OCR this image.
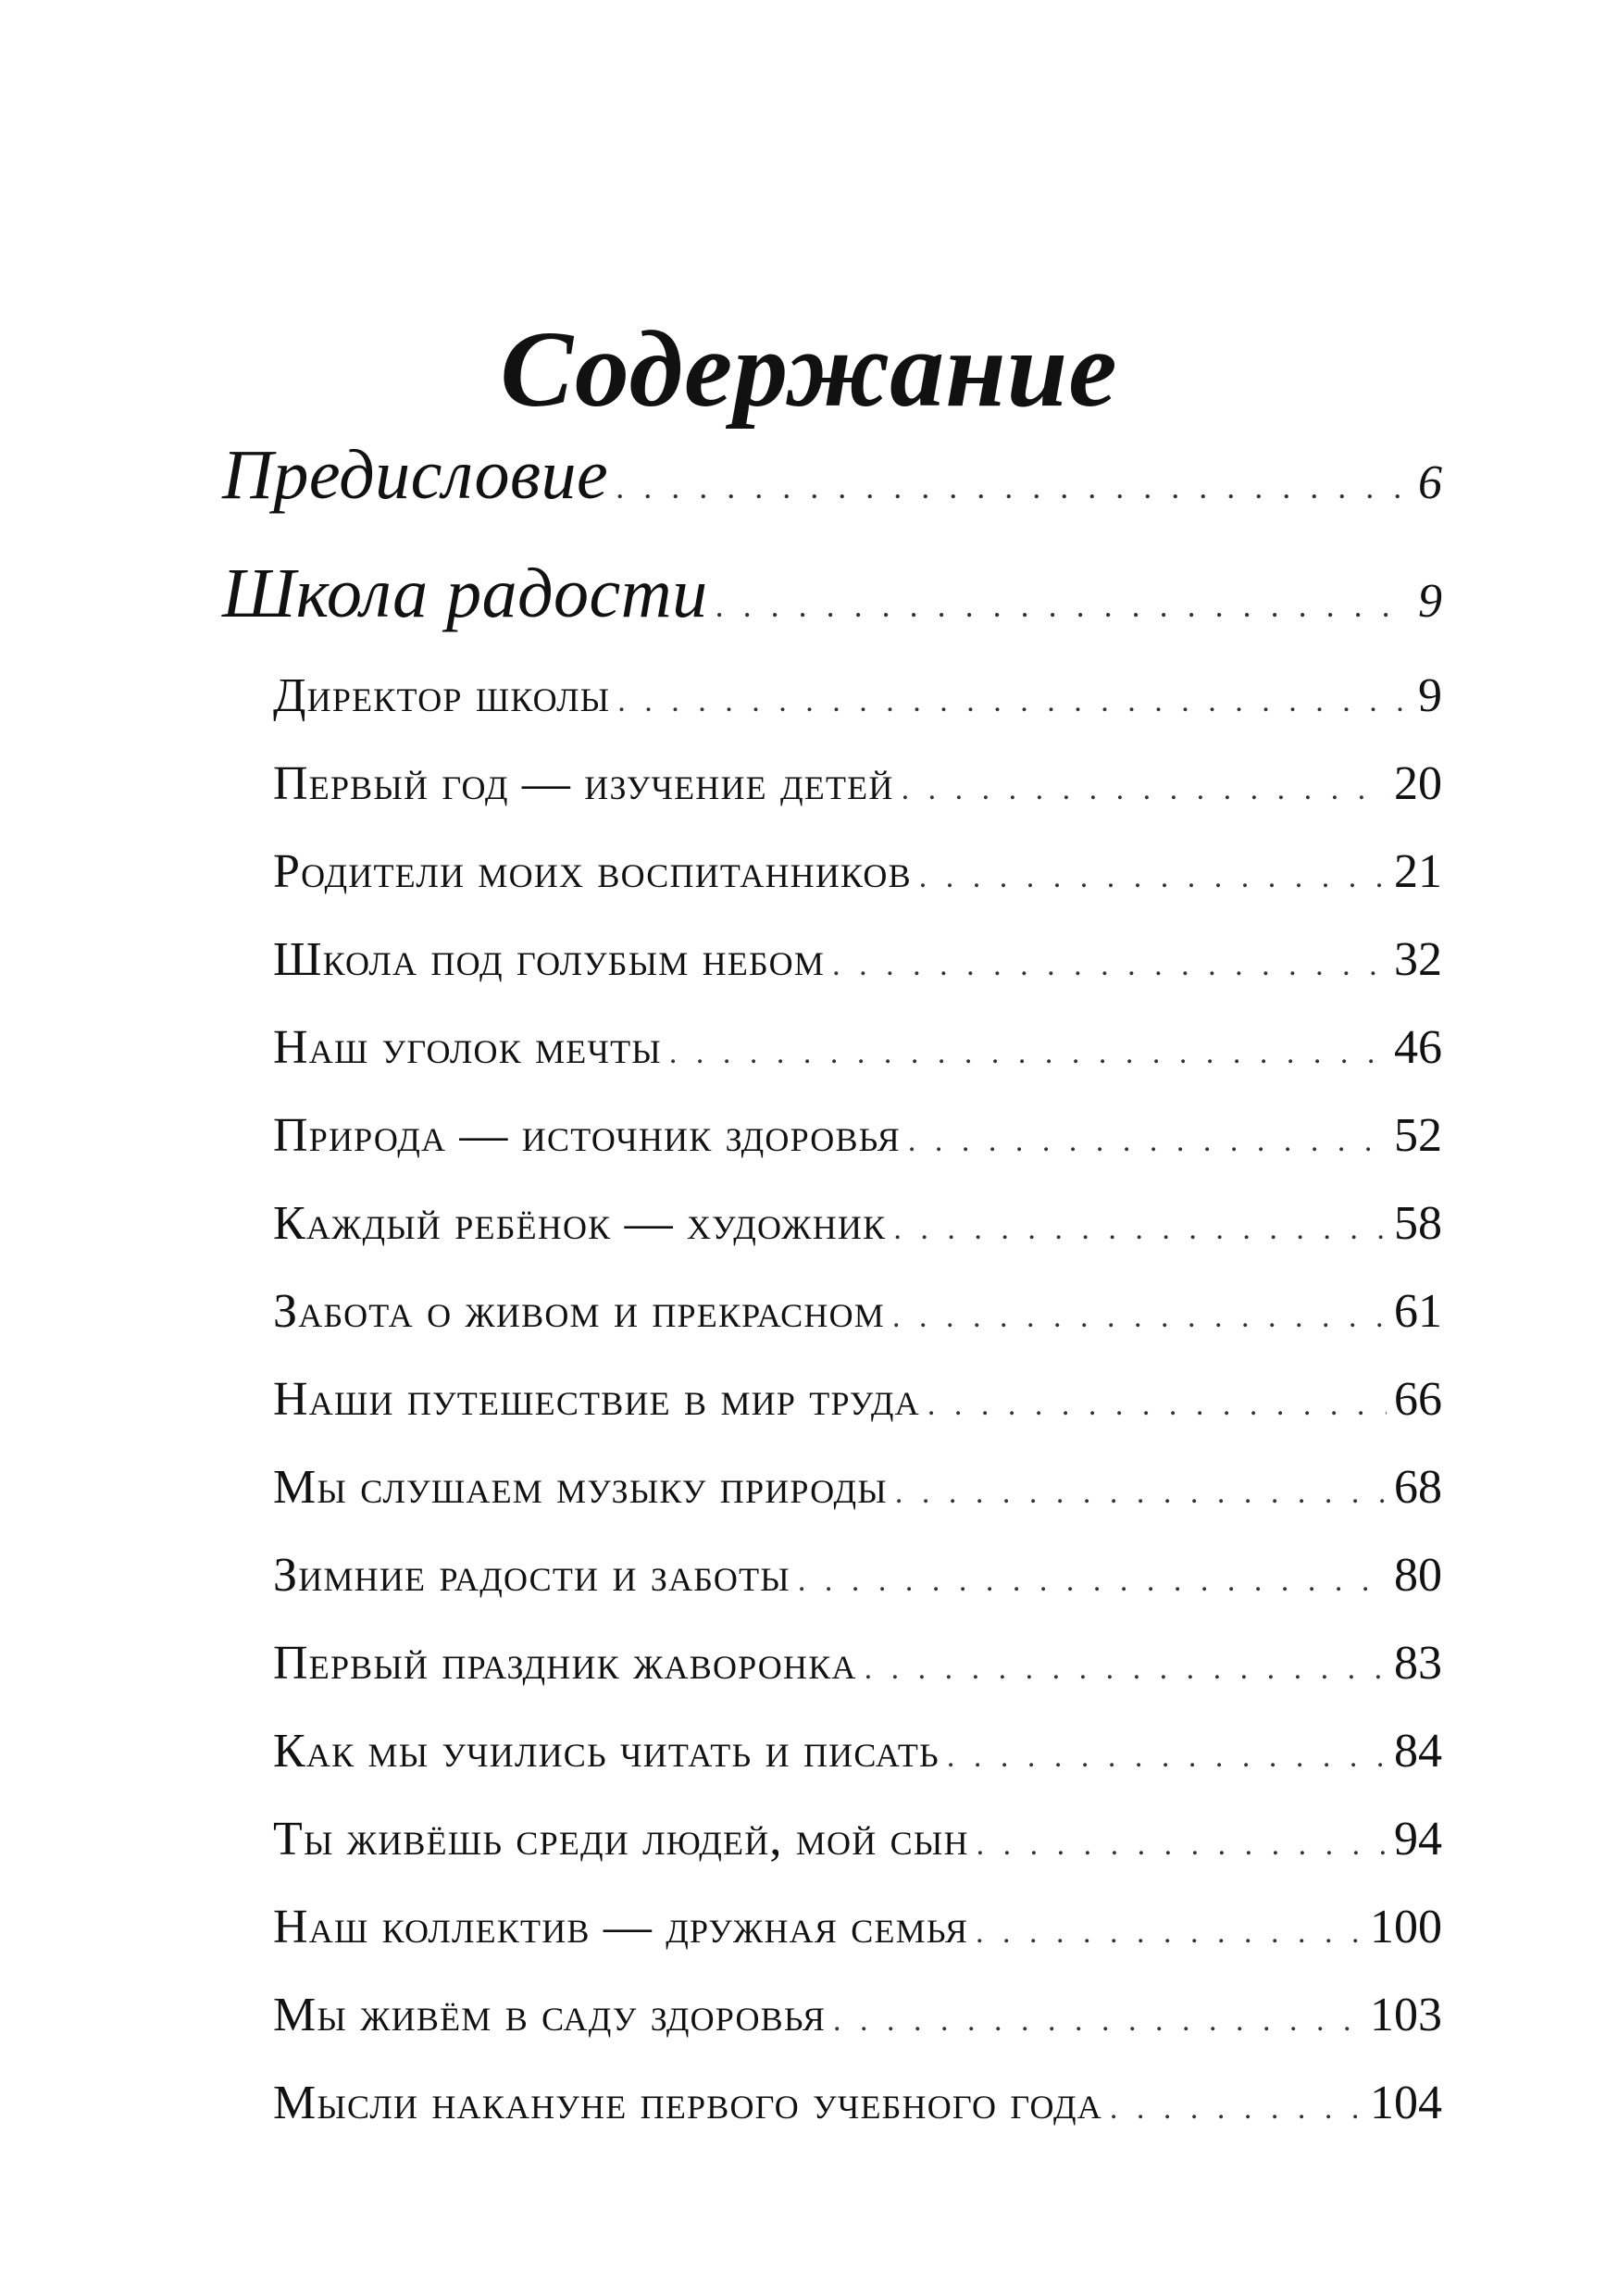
Содержание
Предисловие . . .	6
Школа радости . . .	9
Директор школы . . .	9
Первый год — изучение детей . . .	20
Родители моих воспитанников . . .	21
Школа под голубым небом . . .	32
Наш уголок мечты . . .	46
Природа — источник здоровья . . .	52
Каждый ребёнок — художник . . .	58
Забота о живом и прекрасном . . .	61
Наши путешествие в мир труда . . .	66
Мы слушаем музыку природы . . .	68
Зимние радости и заботы . . .	80
Первый праздник жаворонка . . .	83
Как мы учились читать и писать . . .	84
Ты живёшь среди людей, мой сын . . .	94
Наш коллектив — дружная семья . . .	100
Мы живём в саду здоровья . . .	103
Мысли накануне первого учебного года . . .	104
